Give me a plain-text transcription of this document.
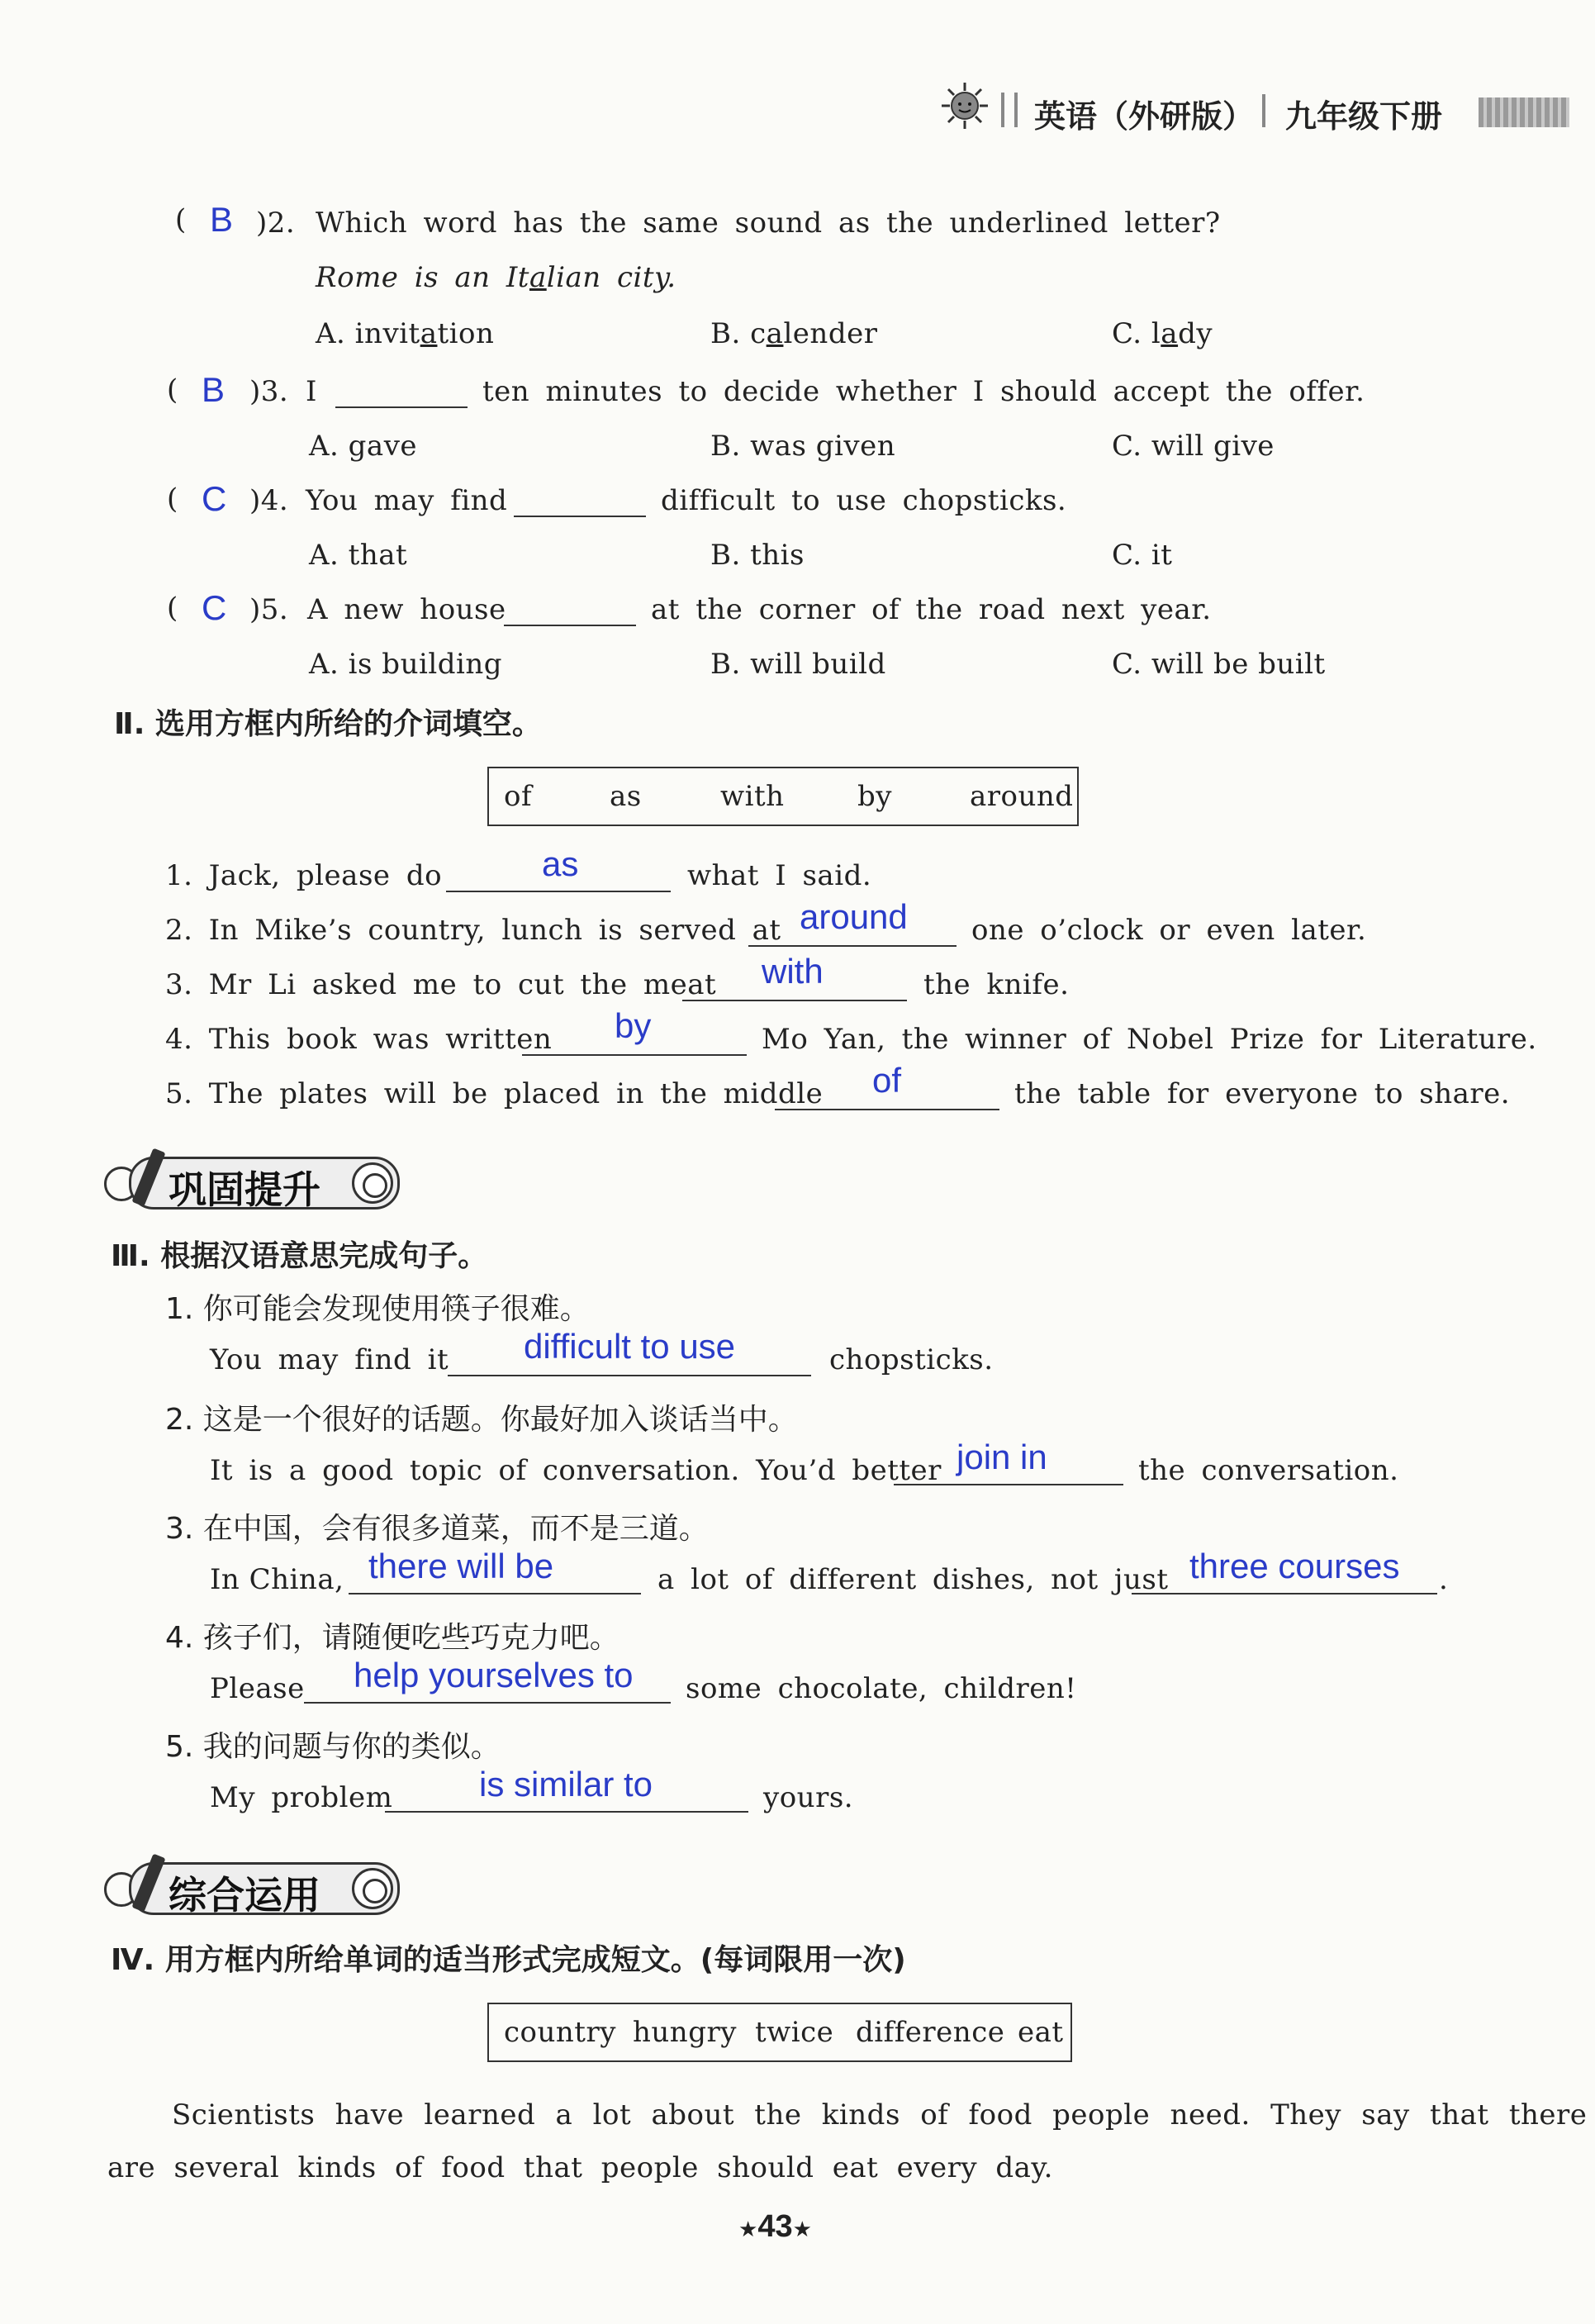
英语（外研版） 九年级下册
( B )2. Which word has the same sound as the underlined letter?
Rome is an Italian city.
A. invitation	B. calender	C. lady
( B )3. I	ten minutes to decide whether I should accept the offer.
A. gave	B. was given	C. will give
( C )4. You may find	difficult to use chopsticks.
A. that	B. this	C. it
( C )5. A new house	at the corner of the road next year.
A. is building	B. will build	C. will be built
Ⅱ. 选用方框内所给的介词填空。
of	as	with	by	around
1. Jack, please do	as	what I said.
2. In Mike’s country, lunch is served at around one o’clock or even later.
3. Mr Li asked me to cut the meat with	the knife.
4. This book was written by	Mo Yan, the winner of Nobel Prize for Literature.
5. The plates will be placed in the middle of	the table for everyone to share.
巩固提升
Ⅲ. 根据汉语意思完成句子。
1. 你可能会发现使用筷子很难。
You may find it difficult to use	chopsticks.
2. 这是一个很好的话题。你最好加入谈话当中。
It is a good topic of conversation. You’d better join in	the conversation.
3. 在中国，会有很多道菜，而不是三道。
In China, there will be	a lot of different dishes, not just three courses .
4. 孩子们，请随便吃些巧克力吧。
Please help yourselves to some chocolate, children!
5. 我的问题与你的类似。
My problem is similar to	yours.
综合运用
Ⅳ. 用方框内所给单词的适当形式完成短文。(每词限用一次)
country hungry twice difference eat
Scientists have learned a lot about the kinds of food people need. They say that there
are several kinds of food that people should eat every day.
★43★
